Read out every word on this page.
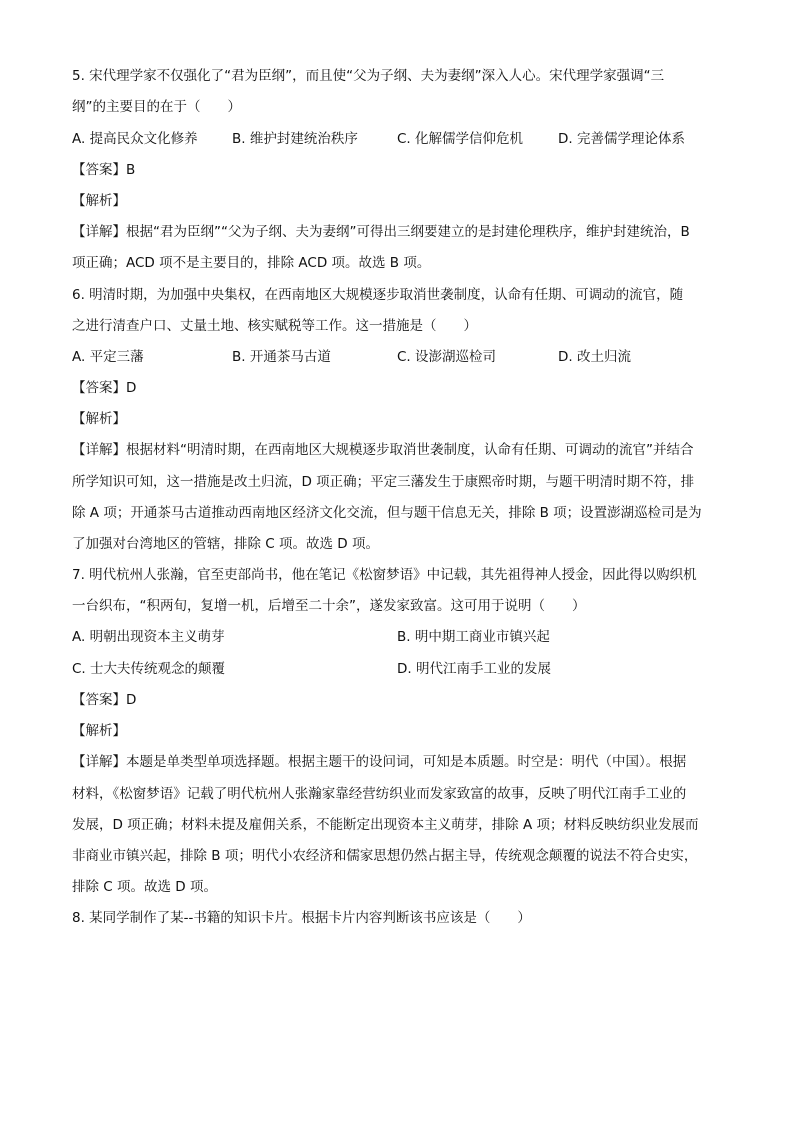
5. 宋代理学家不仅强化了“君为臣纲”，而且使“父为子纲、夫为妻纲”深入人心。宋代理学家强调“三
纲”的主要目的在于（　　）
A. 提高民众文化修养	B. 维护封建统治秩序	C. 化解儒学信仰危机	D. 完善儒学理论体系
【答案】B
【解析】
【详解】根据“君为臣纲”“父为子纲、夫为妻纲”可得出三纲要建立的是封建伦理秩序，维护封建统治，B
项正确；ACD 项不是主要目的，排除 ACD 项。故选 B 项。
6. 明清时期，为加强中央集权，在西南地区大规模逐步取消世袭制度，认命有任期、可调动的流官，随
之进行清查户口、丈量土地、核实赋税等工作。这一措施是（　　）
A. 平定三藩	B. 开通茶马古道	C. 设澎湖巡检司	D. 改土归流
【答案】D
【解析】
【详解】根据材料“明清时期，在西南地区大规模逐步取消世袭制度，认命有任期、可调动的流官”并结合
所学知识可知，这一措施是改土归流，D 项正确；平定三藩发生于康熙帝时期，与题干明清时期不符，排
除 A 项；开通茶马古道推动西南地区经济文化交流，但与题干信息无关，排除 B 项；设置澎湖巡检司是为
了加强对台湾地区的管辖，排除 C 项。故选 D 项。
7. 明代杭州人张瀚，官至吏部尚书，他在笔记《松窗梦语》中记载，其先祖得神人授金，因此得以购织机
一台织布，“积两旬，复增一机，后增至二十余”，遂发家致富。这可用于说明（　　）
A. 明朝出现资本主义萌芽	B. 明中期工商业市镇兴起
C. 士大夫传统观念的颠覆	D. 明代江南手工业的发展
【答案】D
【解析】
【详解】本题是单类型单项选择题。根据主题干的设问词，可知是本质题。时空是：明代（中国）。根据
材料，《松窗梦语》记载了明代杭州人张瀚家靠经营纺织业而发家致富的故事，反映了明代江南手工业的
发展，D 项正确；材料未提及雇佣关系，不能断定出现资本主义萌芽，排除 A 项；材料反映纺织业发展而
非商业市镇兴起，排除 B 项；明代小农经济和儒家思想仍然占据主导，传统观念颠覆的说法不符合史实，
排除 C 项。故选 D 项。
8. 某同学制作了某--书籍的知识卡片。根据卡片内容判断该书应该是（　　）
